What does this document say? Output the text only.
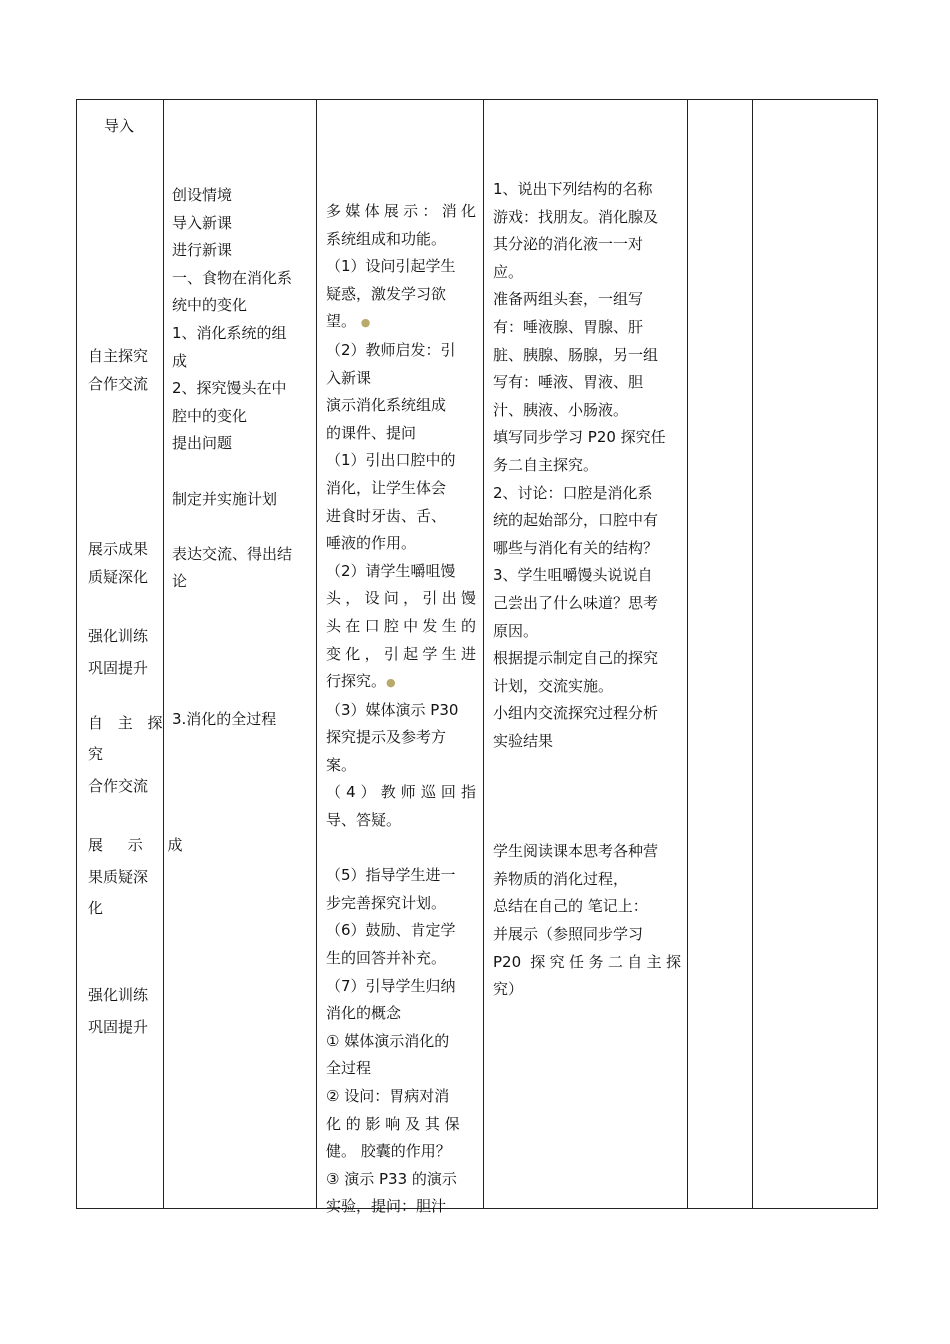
导入
自主探究
合作交流
展示成果
质疑深化
强化训练
巩固提升
自 主 探
究
合作交流
展 示 成
果质疑深
化
强化训练
巩固提升
创设情境
导入新课
进行新课
一、食物在消化系
统中的变化
1、消化系统的组
成
2、探究馒头在中
腔中的变化
提出问题
制定并实施计划
表达交流、得出结
论
3.消化的全过程
多媒体展示：消化
系统组成和功能。
（1）设问引起学生
疑惑，激发学习欲
望。 ●
（2）教师启发：引
入新课
演示消化系统组成
的课件、提问
（1）引出口腔中的
消化，让学生体会
进食时牙齿、舌、
唾液的作用。
（2）请学生嚼咀馒
头，设问，引出馒
头在口腔中发生的
变化，引起学生进
行探究。●
（3）媒体演示 P30
探究提示及参考方
案。
（4）教师巡回指
导、答疑。
（5）指导学生进一
步完善探究计划。
（6）鼓励、肯定学
生的回答并补充。
（7）引导学生归纳
消化的概念
① 媒体演示消化的
全过程
② 设问：胃病对消
化 的 影 响 及 其 保
健。 胶囊的作用？
③ 演示 P33 的演示
实验，提问：胆汁
1、说出下列结构的名称
游戏：找朋友。消化腺及
其分泌的消化液一一对
应。
准备两组头套，一组写
有：唾液腺、胃腺、肝
脏、胰腺、肠腺，另一组
写有：唾液、胃液、胆
汁、胰液、小肠液。
填写同步学习 P20 探究任
务二自主探究。
2、讨论：口腔是消化系
统的起始部分，口腔中有
哪些与消化有关的结构？
3、学生咀嚼馒头说说自
己尝出了什么味道？思考
原因。
根据提示制定自己的探究
计划，交流实施。
小组内交流探究过程分析
实验结果
学生阅读课本思考各种营
养物质的消化过程，
总结在自己的 笔记上：
并展示（参照同步学习
P20 探究任务二自主探
究）
